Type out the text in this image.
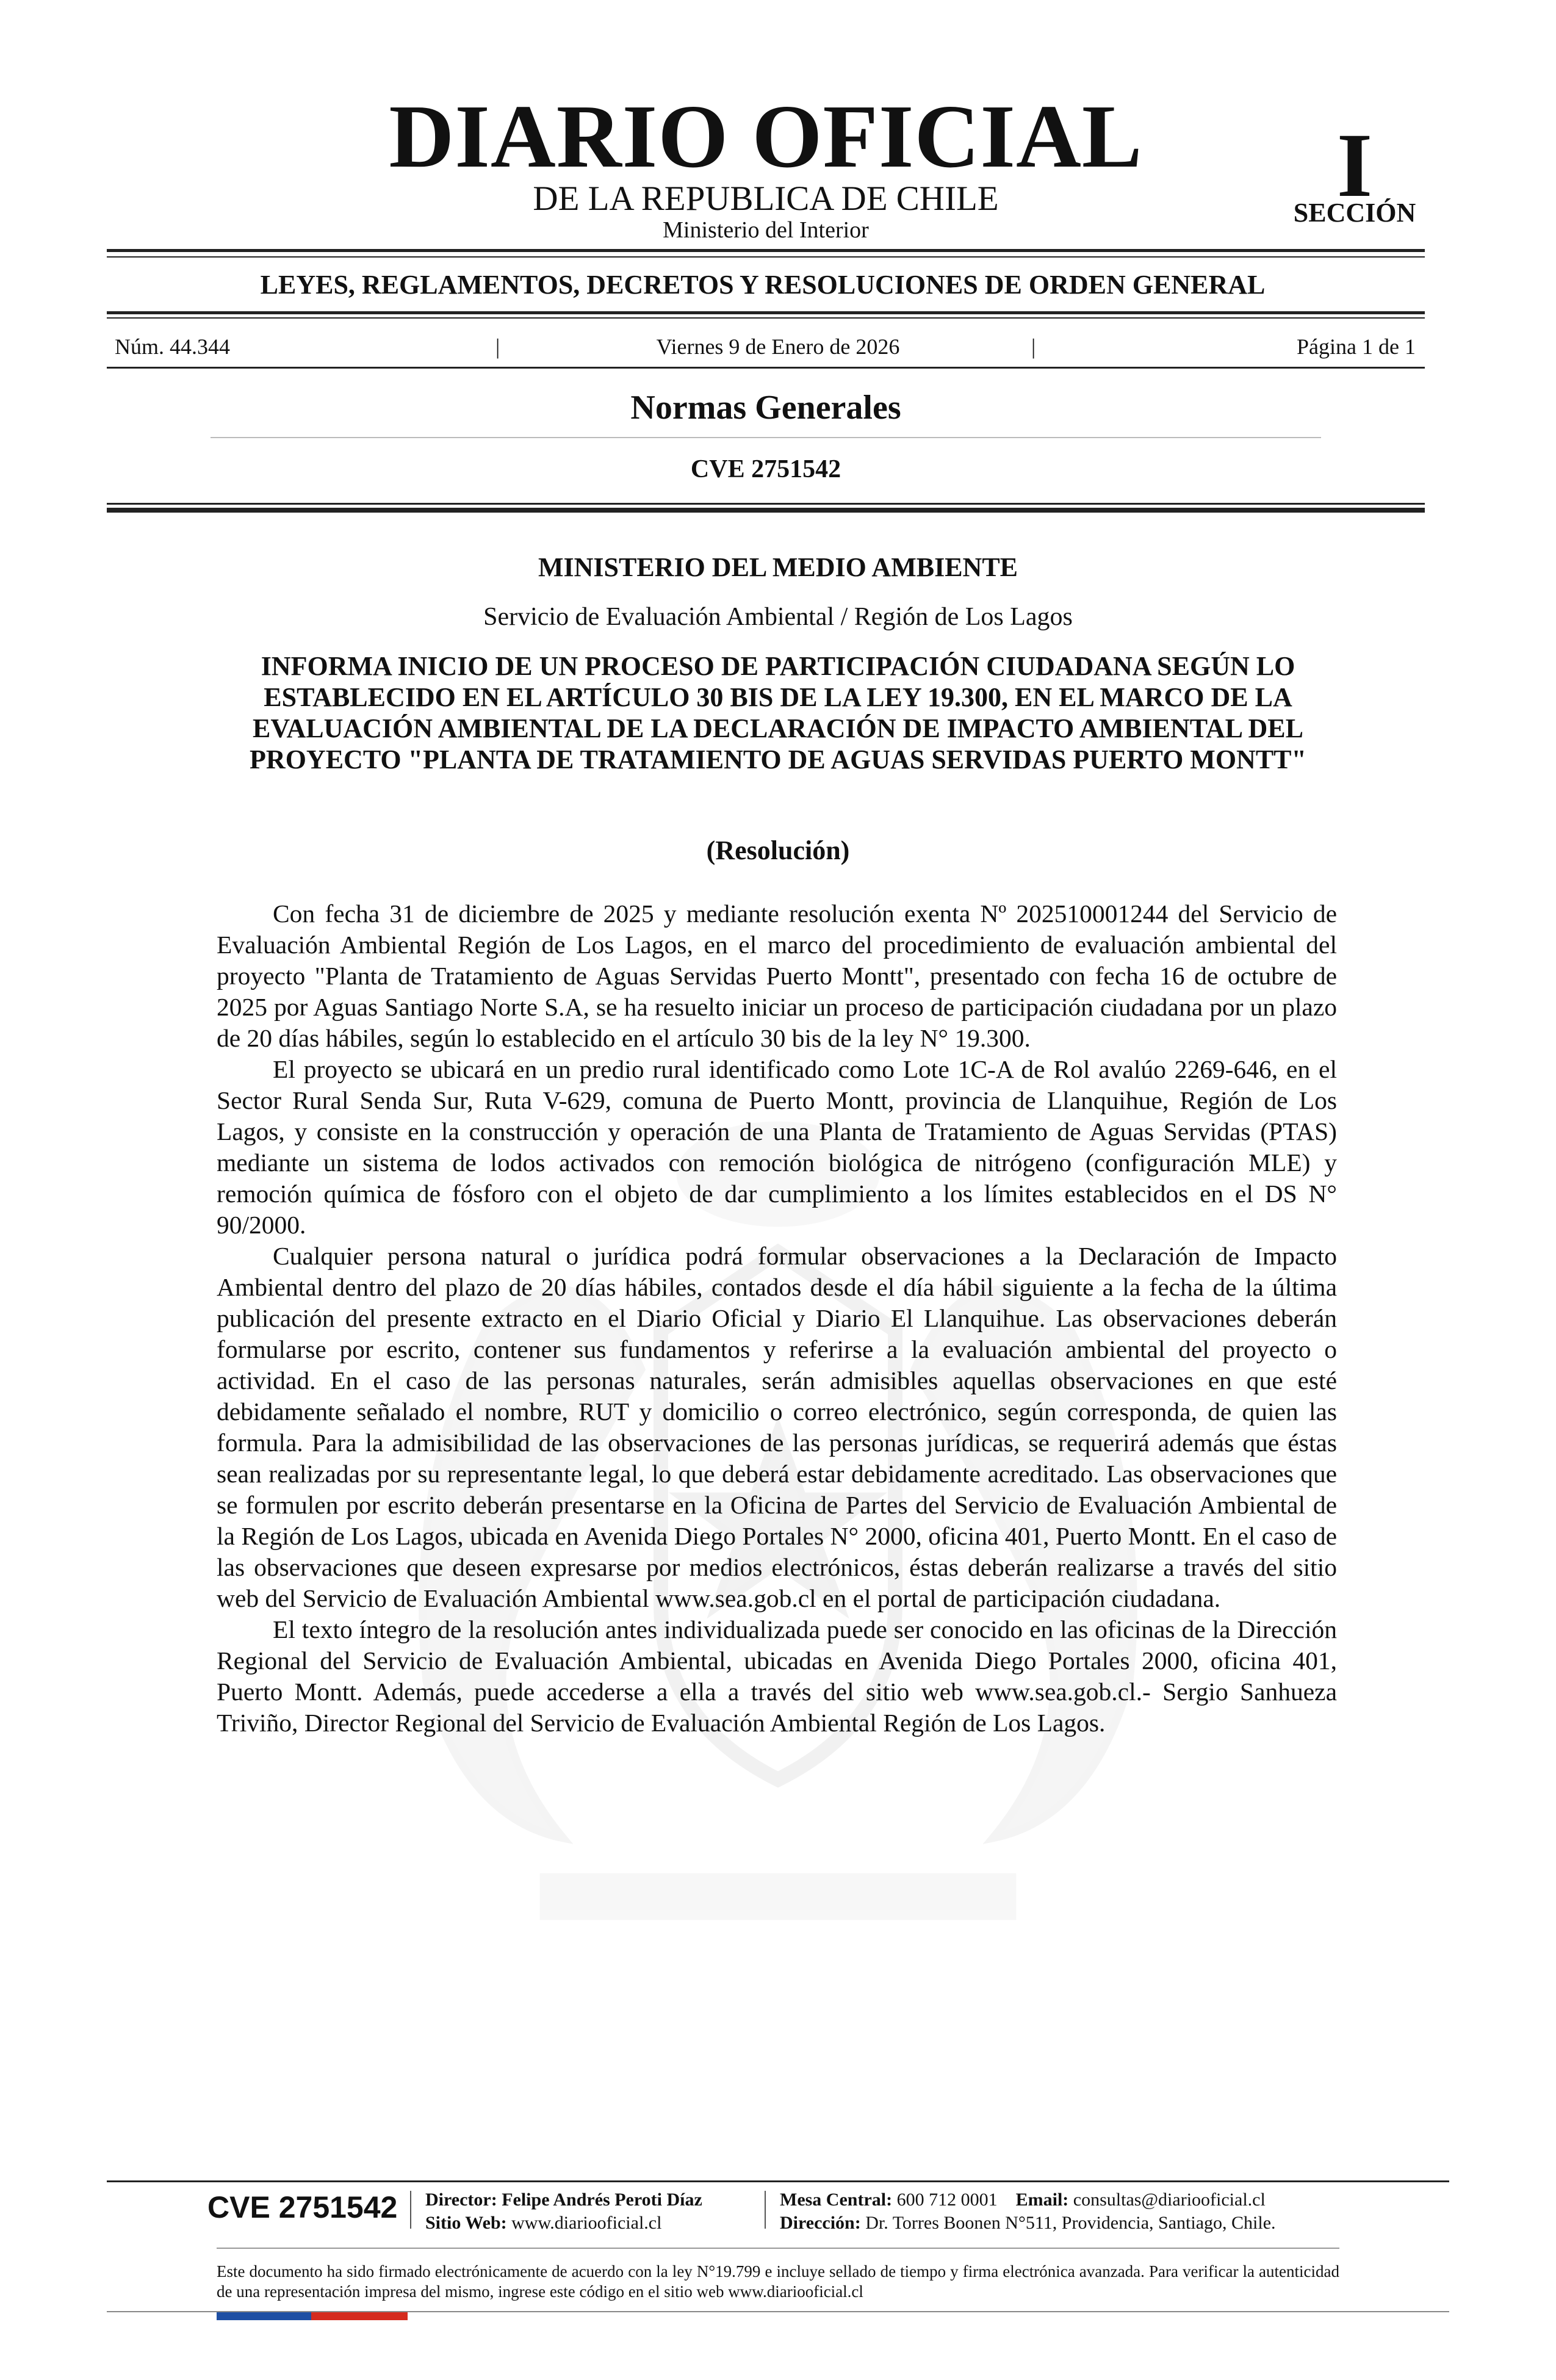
DIARIO OFICIAL
DE LA REPUBLICA DE CHILE
Ministerio del Interior
I
SECCIÓN
LEYES, REGLAMENTOS, DECRETOS Y RESOLUCIONES DE ORDEN GENERAL
Núm. 44.344	|	Viernes 9 de Enero de 2026	|	Página 1 de 1
Normas Generales
CVE 2751542
MINISTERIO DEL MEDIO AMBIENTE
Servicio de Evaluación Ambiental / Región de Los Lagos
INFORMA INICIO DE UN PROCESO DE PARTICIPACIÓN CIUDADANA SEGÚN LO ESTABLECIDO EN EL ARTÍCULO 30 BIS DE LA LEY 19.300, EN EL MARCO DE LA EVALUACIÓN AMBIENTAL DE LA DECLARACIÓN DE IMPACTO AMBIENTAL DEL PROYECTO "PLANTA DE TRATAMIENTO DE AGUAS SERVIDAS PUERTO MONTT"
(Resolución)

Con fecha 31 de diciembre de 2025 y mediante resolución exenta Nº 202510001244 del Servicio de Evaluación Ambiental Región de Los Lagos, en el marco del procedimiento de evaluación ambiental del proyecto "Planta de Tratamiento de Aguas Servidas Puerto Montt", presentado con fecha 16 de octubre de 2025 por Aguas Santiago Norte S.A, se ha resuelto iniciar un proceso de participación ciudadana por un plazo de 20 días hábiles, según lo establecido en el artículo 30 bis de la ley N° 19.300.

El proyecto se ubicará en un predio rural identificado como Lote 1C-A de Rol avalúo 2269-646, en el Sector Rural Senda Sur, Ruta V-629, comuna de Puerto Montt, provincia de Llanquihue, Región de Los Lagos, y consiste en la construcción y operación de una Planta de Tratamiento de Aguas Servidas (PTAS) mediante un sistema de lodos activados con remoción biológica de nitrógeno (configuración MLE) y remoción química de fósforo con el objeto de dar cumplimiento a los límites establecidos en el DS N° 90/2000.

Cualquier persona natural o jurídica podrá formular observaciones a la Declaración de Impacto Ambiental dentro del plazo de 20 días hábiles, contados desde el día hábil siguiente a la fecha de la última publicación del presente extracto en el Diario Oficial y Diario El Llanquihue. Las observaciones deberán formularse por escrito, contener sus fundamentos y referirse a la evaluación ambiental del proyecto o actividad. En el caso de las personas naturales, serán admisibles aquellas observaciones en que esté debidamente señalado el nombre, RUT y domicilio o correo electrónico, según corresponda, de quien las formula. Para la admisibilidad de las observaciones de las personas jurídicas, se requerirá además que éstas sean realizadas por su representante legal, lo que deberá estar debidamente acreditado. Las observaciones que se formulen por escrito deberán presentarse en la Oficina de Partes del Servicio de Evaluación Ambiental de la Región de Los Lagos, ubicada en Avenida Diego Portales N° 2000, oficina 401, Puerto Montt. En el caso de las observaciones que deseen expresarse por medios electrónicos, éstas deberán realizarse a través del sitio web del Servicio de Evaluación Ambiental www.sea.gob.cl en el portal de participación ciudadana.

El texto íntegro de la resolución antes individualizada puede ser conocido en las oficinas de la Dirección Regional del Servicio de Evaluación Ambiental, ubicadas en Avenida Diego Portales 2000, oficina 401, Puerto Montt. Además, puede accederse a ella a través del sitio web www.sea.gob.cl.- Sergio Sanhueza Triviño, Director Regional del Servicio de Evaluación Ambiental Región de Los Lagos.

CVE 2751542 Director: Felipe Andrés Peroti Díaz
Sitio Web: www.diariooficial.cl
Mesa Central: 600 712 0001 Email: consultas@diariooficial.cl
Dirección: Dr. Torres Boonen N°511, Providencia, Santiago, Chile.
Este documento ha sido firmado electrónicamente de acuerdo con la ley N°19.799 e incluye sellado de tiempo y firma electrónica avanzada. Para verificar la autenticidad de una representación impresa del mismo, ingrese este código en el sitio web www.diariooficial.cl
